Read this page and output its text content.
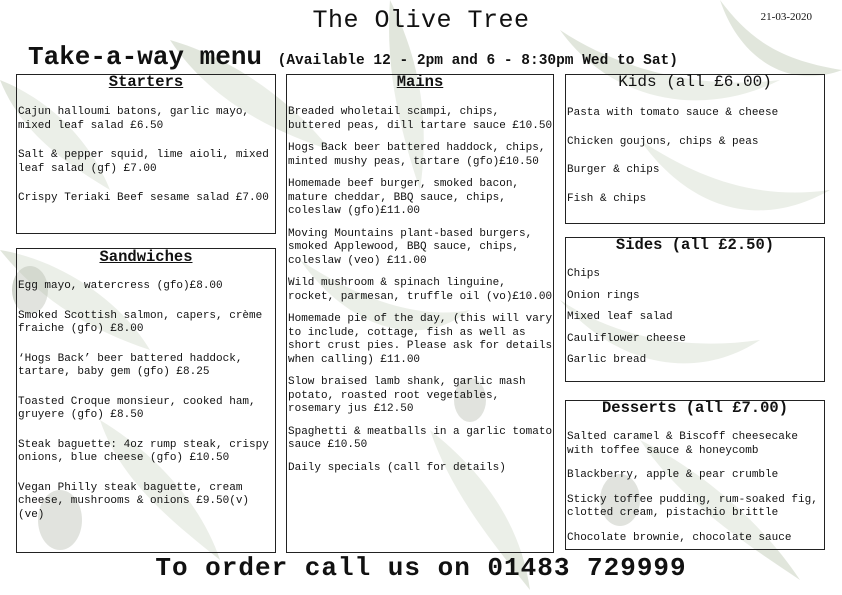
The Olive Tree	21-03-2020
Take-a-way menu (Available 12 - 2pm and 6 - 8:30pm Wed to Sat)
Starters

Cajun halloumi batons, garlic mayo, mixed leaf salad £6.50

Salt & pepper squid, lime aioli, mixed leaf salad (gf) £7.00

Crispy Teriaki Beef sesame salad £7.00

Sandwiches

Egg mayo, watercress (gfo)£8.00

Smoked Scottish salmon, capers, crème fraiche (gfo) £8.00

‘Hogs Back’ beer battered haddock, tartare, baby gem (gfo) £8.25

Toasted Croque monsieur, cooked ham, gruyere (gfo) £8.50

Steak baguette: 4oz rump steak, crispy onions, blue cheese (gfo) £10.50

Vegan Philly steak baguette, cream cheese, mushrooms & onions £9.50(v)(ve)

Mains

Breaded wholetail scampi, chips, buttered peas, dill tartare sauce £10.50

Hogs Back beer battered haddock, chips, minted mushy peas, tartare (gfo)£10.50

Homemade beef burger, smoked bacon, mature cheddar, BBQ sauce, chips, coleslaw (gfo)£11.00

Moving Mountains plant-based burgers, smoked Applewood, BBQ sauce, chips, coleslaw (veo) £11.00

Wild mushroom & spinach linguine, rocket, parmesan, truffle oil (vo)£10.00

Homemade pie of the day, (this will vary to include, cottage, fish as well as short crust pies. Please ask for details when calling) £11.00

Slow braised lamb shank, garlic mash potato, roasted root vegetables, rosemary jus £12.50

Spaghetti & meatballs in a garlic tomato sauce £10.50

Daily specials (call for details)

Kids (all £6.00)

Pasta with tomato sauce & cheese

Chicken goujons, chips & peas

Burger & chips

Fish & chips

Sides (all £2.50)

Chips

Onion rings

Mixed leaf salad

Cauliflower cheese

Garlic bread

Desserts (all £7.00)

Salted caramel & Biscoff cheesecake with toffee sauce & honeycomb

Blackberry, apple & pear crumble

Sticky toffee pudding, rum-soaked fig, clotted cream, pistachio brittle

Chocolate brownie, chocolate sauce

To order call us on 01483 729999
